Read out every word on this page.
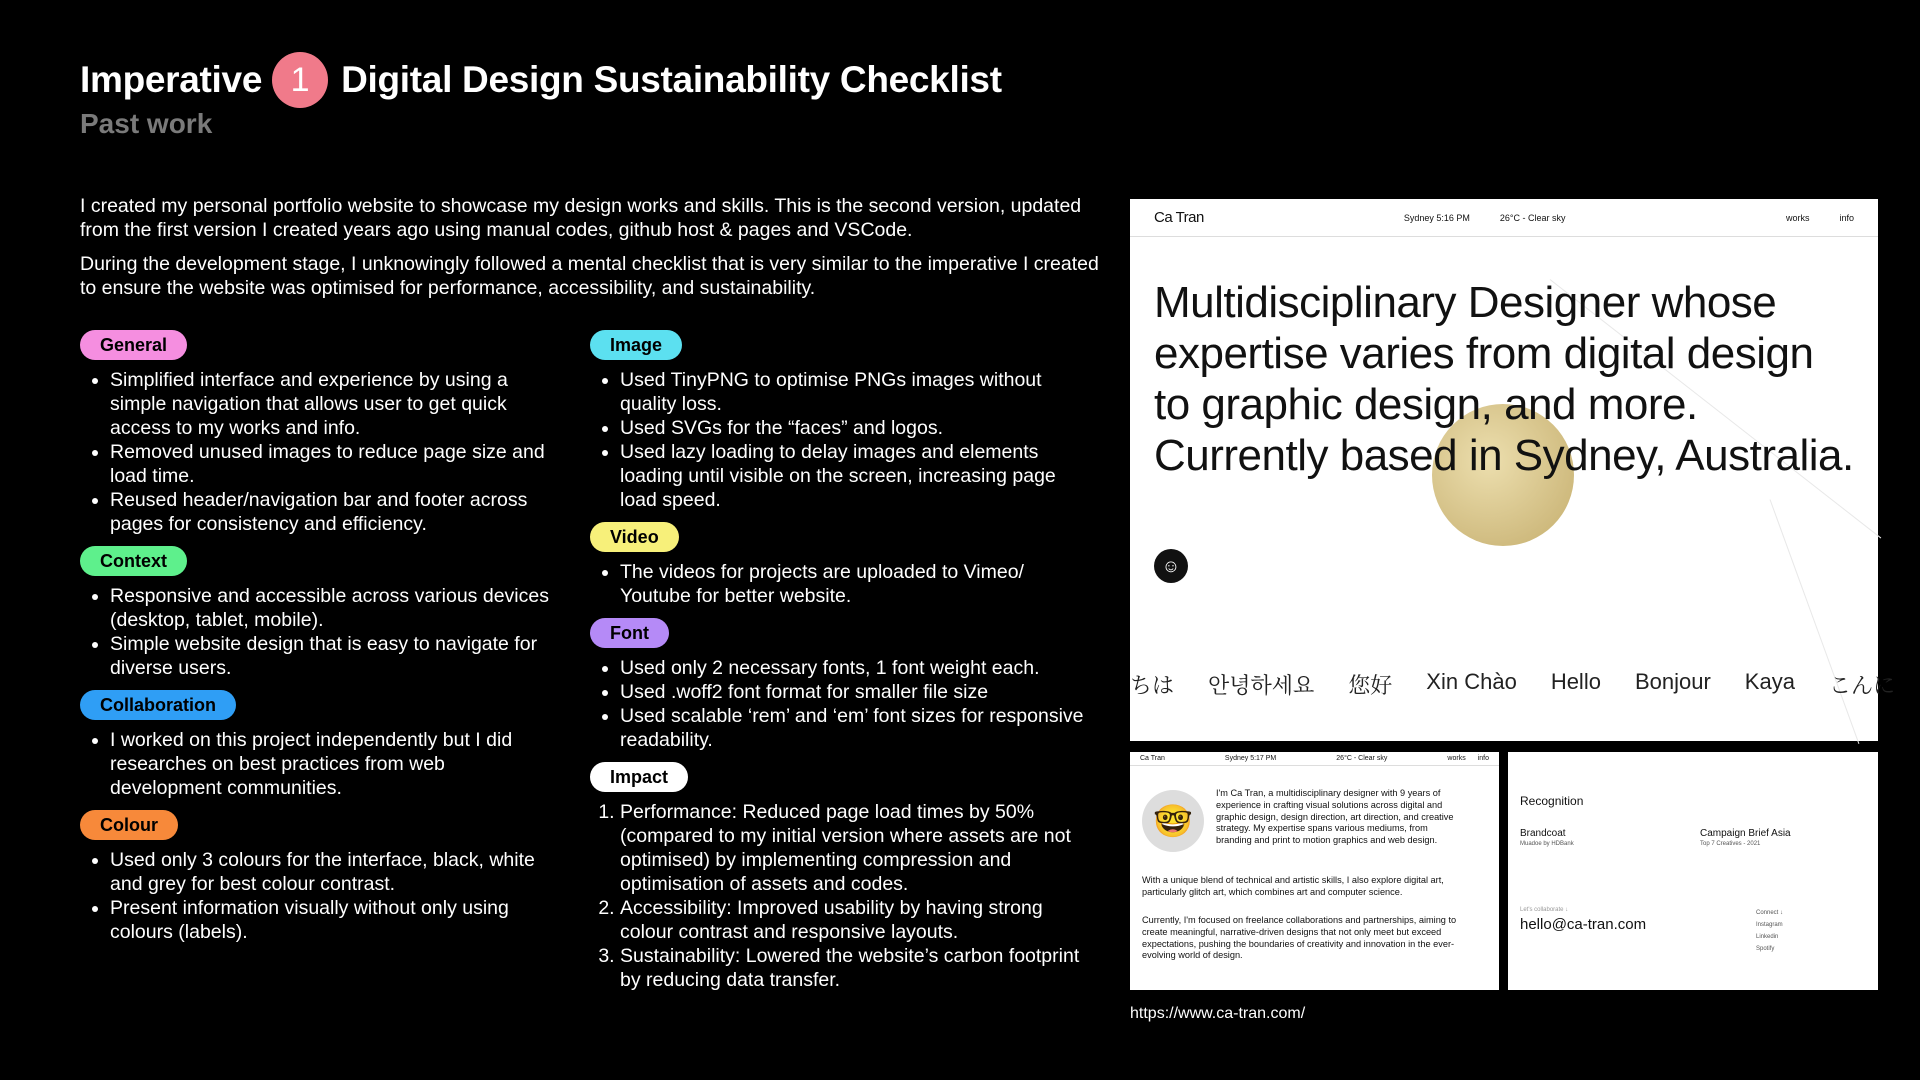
Imperative 1 Digital Design Sustainability Checklist
Past work

I created my personal portfolio website to showcase my design works and skills. This is the second version, updated from the first version I created years ago using manual codes, github host & pages and VSCode.

During the development stage, I unknowingly followed a mental checklist that is very similar to the imperative I created to ensure the website was optimised for performance, accessibility, and sustainability.

General
• Simplified interface and experience by using a simple navigation that allows user to get quick access to my works and info.
• Removed unused images to reduce page size and load time.
• Reused header/navigation bar and footer across pages for consistency and efficiency.
Context
• Responsive and accessible across various devices (desktop, tablet, mobile).
• Simple website design that is easy to navigate for diverse users.
Collaboration
• I worked on this project independently but I did researches on best practices from web development communities.
Colour
• Used only 3 colours for the interface, black, white and grey for best colour contrast.
• Present information visually without only using colours (labels).
Image
• Used TinyPNG to optimise PNGs images without quality loss.
• Used SVGs for the “faces” and logos.
• Used lazy loading to delay images and elements loading until visible on the screen, increasing page load speed.
Video
• The videos for projects are uploaded to Vimeo/ Youtube for better website.
Font
• Used only 2 necessary fonts, 1 font weight each.
• Used .woff2 font format for smaller file size
• Used scalable ‘rem’ and ‘em’ font sizes for responsive readability.
Impact
1. Performance: Reduced page load times by 50% (compared to my initial version where assets are not optimised) by implementing compression and optimisation of assets and codes.
2. Accessibility: Improved usability by having strong colour contrast and responsive layouts.
3. Sustainability: Lowered the website’s carbon footprint by reducing data transfer.
Ca Tran	Sydney 5:16 PM	26°C - Clear sky	works	info
Multidisciplinary Designer whose expertise varies from digital design to graphic design, and more. Currently based in Sydney, Australia.
☺
ちは 안녕하세요 您好 Xin Chào Hello Bonjour Kaya こんに
Ca Tran	Sydney 5:17 PM	26°C - Clear sky	works info
🤓
I'm Ca Tran, a multidisciplinary designer with 9 years of experience in crafting visual solutions across digital and graphic design, design direction, art direction, and creative strategy. My expertise spans various mediums, from branding and print to motion graphics and web design.
With a unique blend of technical and artistic skills, I also explore digital art, particularly glitch art, which combines art and computer science.
Currently, I'm focused on freelance collaborations and partnerships, aiming to create meaningful, narrative-driven designs that not only meet but exceed expectations, pushing the boundaries of creativity and innovation in the ever-evolving world of design.
Recognition
Brandcoat
Muadoe by HDBank
Campaign Brief Asia
Top 7 Creatives - 2021
Let's collaborate ↓
hello@ca-tran.com
Connect ↓
Instagram
Linkedin
Spotify
https://www.ca-tran.com/
